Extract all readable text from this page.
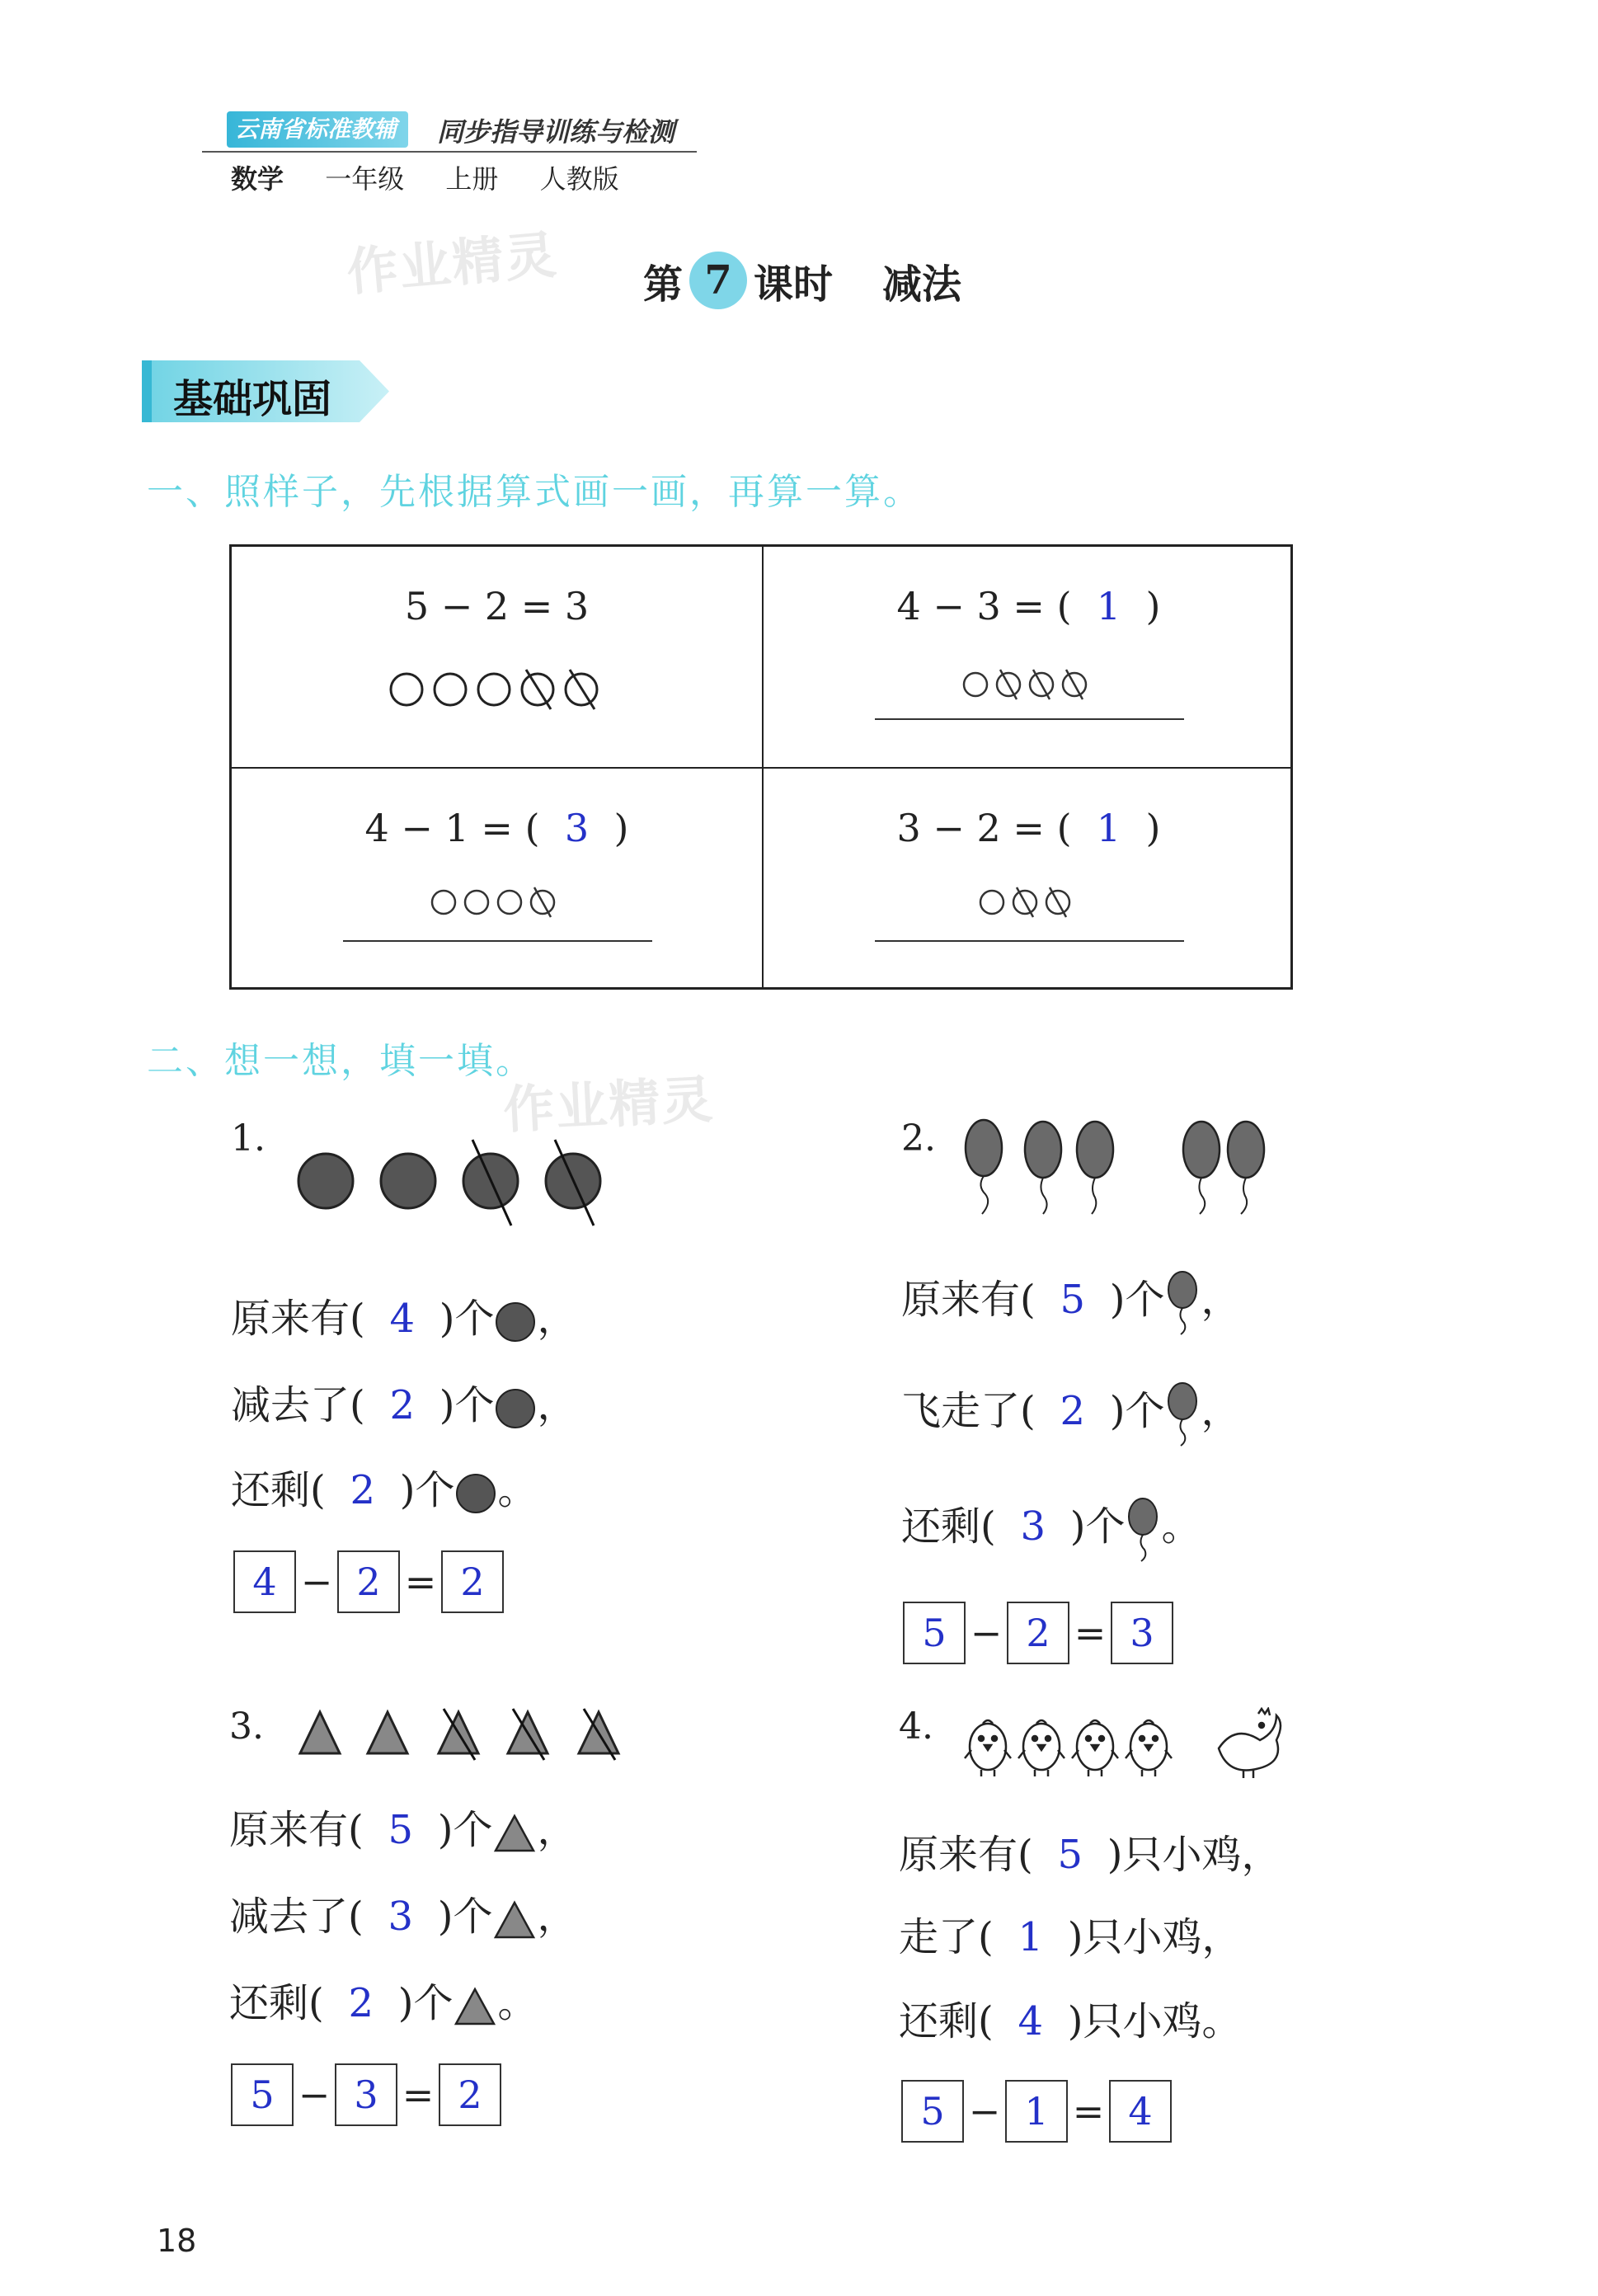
云南省标准教辅	同步指导训练与检测
数学 一年级 上册 人教版
作业精灵 第 7 课时 减法
基础巩固
一、照样子，先根据算式画一画，再算一算。
5 − 2 = 3	4 − 3 = ( 1 )
4 − 1 = ( 3 )	3 − 2 = ( 1 )
二、想一想，填一填。
作业精灵
1.
原来有( 4 )个 ，
减去了( 2 )个 ，
还剩( 2 )个 。
4 − 2 = 2
2.
原来有( 5 )个 ，
飞走了( 2 )个 ，
还剩( 3 )个 。
5 − 2 = 3
3.
原来有( 5 )个 ，
减去了( 3 )个 ，
还剩( 2 )个 。
5 − 3 = 2
4.
原来有( 5 )只小鸡，
走了( 1 )只小鸡，
还剩( 4 )只小鸡。
5 − 1 = 4
18
